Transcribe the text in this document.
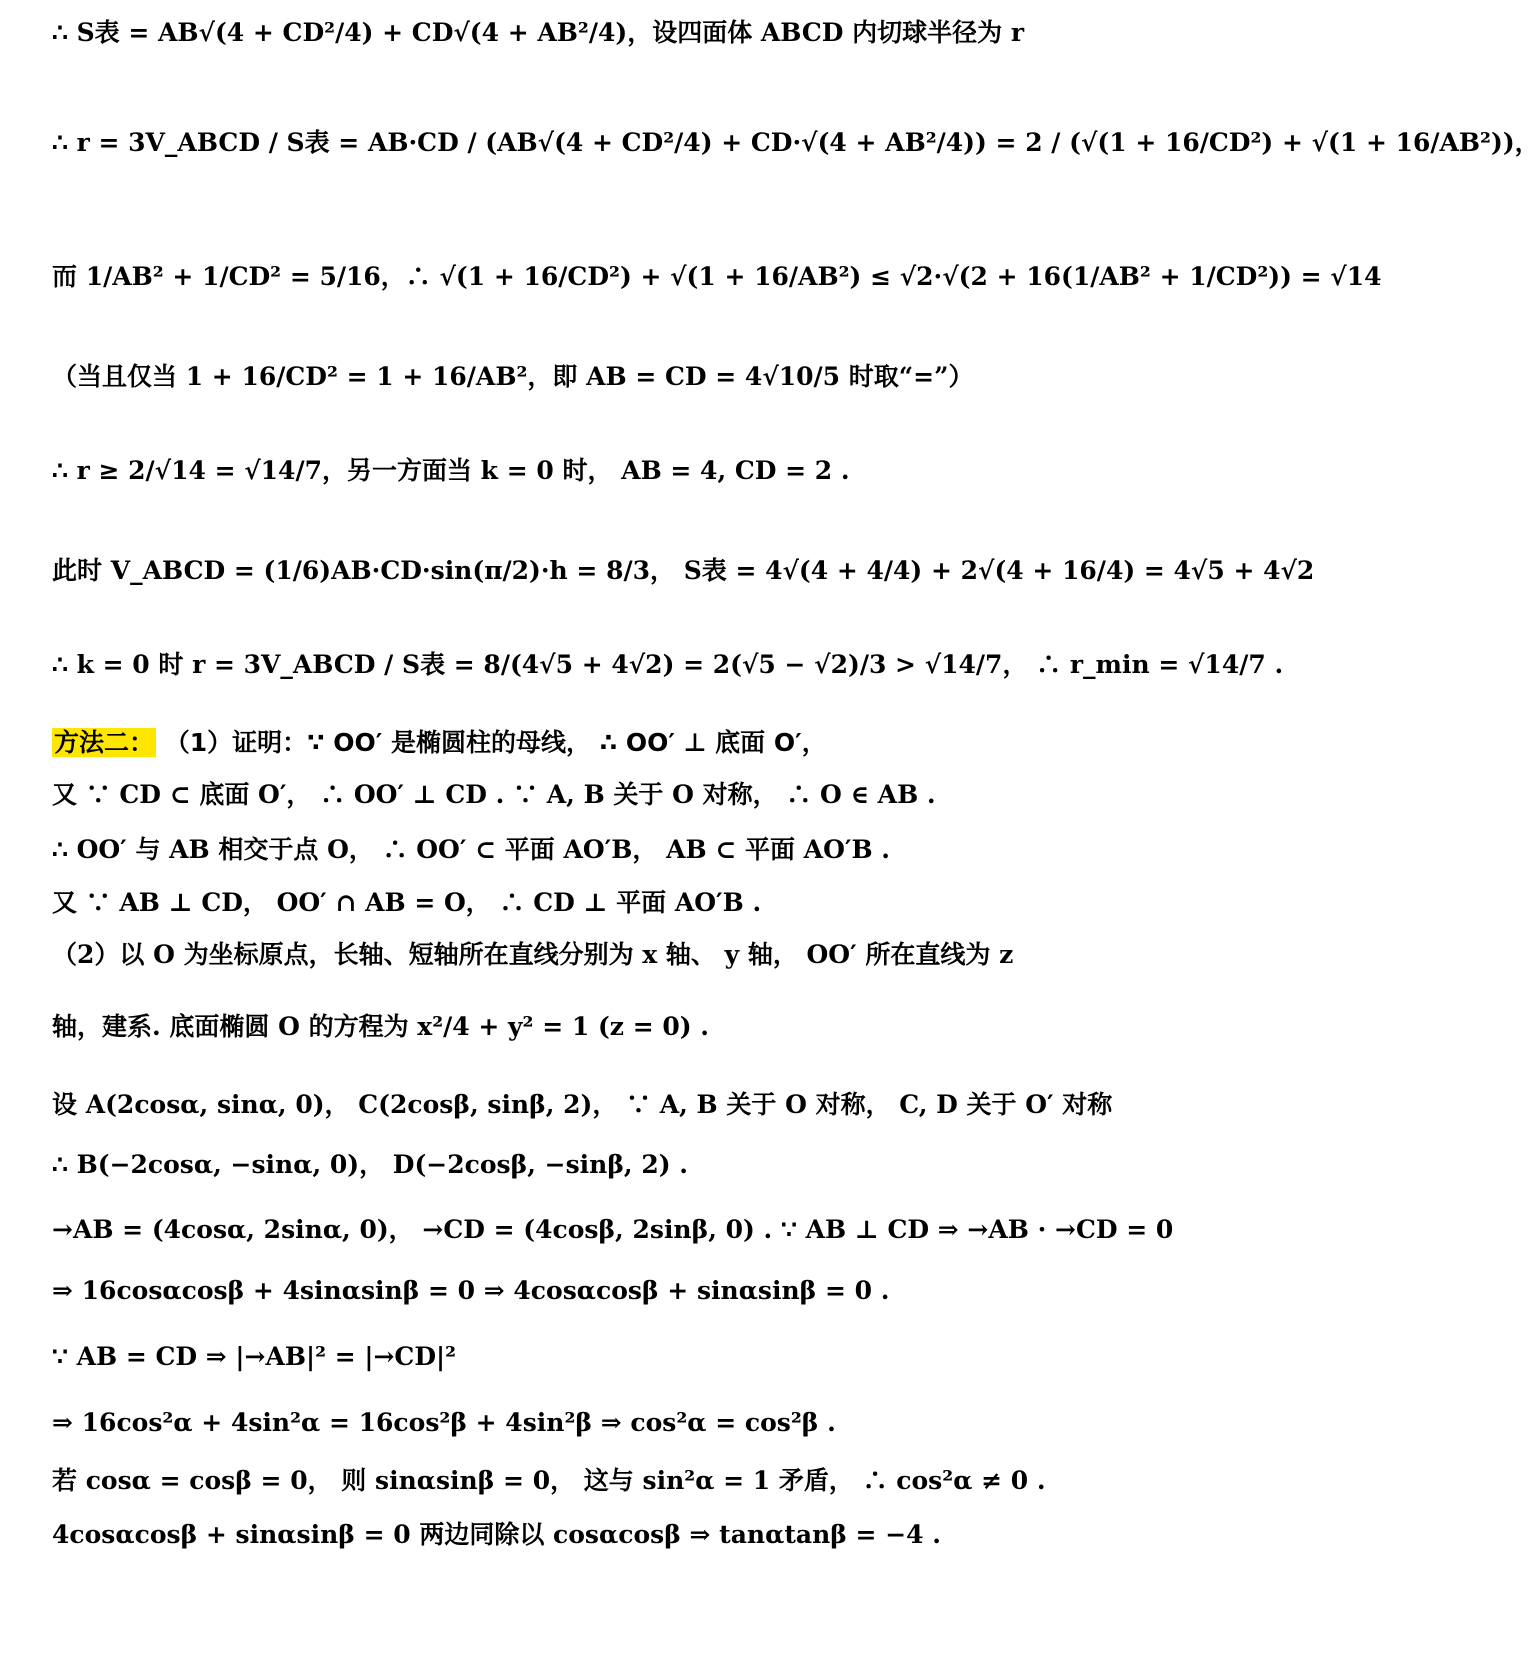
∴ S表 = AB√(4 + CD²/4) + CD√(4 + AB²/4)，设四面体 ABCD 内切球半径为 r
∴ r = 3V_ABCD / S表 = AB·CD / (AB√(4 + CD²/4) + CD·√(4 + AB²/4)) = 2 / (√(1 + 16/CD²) + √(1 + 16/AB²))，
而 1/AB² + 1/CD² = 5/16，∴ √(1 + 16/CD²) + √(1 + 16/AB²) ≤ √2·√(2 + 16(1/AB² + 1/CD²)) = √14
（当且仅当 1 + 16/CD² = 1 + 16/AB²，即 AB = CD = 4√10/5 时取“=”）
∴ r ≥ 2/√14 = √14/7，另一方面当 k = 0 时， AB = 4, CD = 2 .
此时 V_ABCD = (1/6)AB·CD·sin(π/2)·h = 8/3， S表 = 4√(4 + 4/4) + 2√(4 + 16/4) = 4√5 + 4√2
∴ k = 0 时 r = 3V_ABCD / S表 = 8/(4√5 + 4√2) = 2(√5 − √2)/3 > √14/7， ∴ r_min = √14/7 .
方法二： （1）证明：∵ OO′ 是椭圆柱的母线， ∴ OO′ ⊥ 底面 O′，
又 ∵ CD ⊂ 底面 O′， ∴ OO′ ⊥ CD . ∵ A, B 关于 O 对称， ∴ O ∈ AB .
∴ OO′ 与 AB 相交于点 O， ∴ OO′ ⊂ 平面 AO′B， AB ⊂ 平面 AO′B .
又 ∵ AB ⊥ CD， OO′ ∩ AB = O， ∴ CD ⊥ 平面 AO′B .
（2）以 O 为坐标原点，长轴、短轴所在直线分别为 x 轴、 y 轴， OO′ 所在直线为 z
轴，建系. 底面椭圆 O 的方程为 x²/4 + y² = 1 (z = 0) .
设 A(2cosα, sinα, 0)， C(2cosβ, sinβ, 2)， ∵ A, B 关于 O 对称， C, D 关于 O′ 对称
∴ B(−2cosα, −sinα, 0)， D(−2cosβ, −sinβ, 2) .
→AB = (4cosα, 2sinα, 0)， →CD = (4cosβ, 2sinβ, 0) . ∵ AB ⊥ CD ⇒ →AB · →CD = 0
⇒ 16cosαcosβ + 4sinαsinβ = 0 ⇒ 4cosαcosβ + sinαsinβ = 0 .
∵ AB = CD ⇒ |→AB|² = |→CD|²
⇒ 16cos²α + 4sin²α = 16cos²β + 4sin²β ⇒ cos²α = cos²β .
若 cosα = cosβ = 0， 则 sinαsinβ = 0， 这与 sin²α = 1 矛盾， ∴ cos²α ≠ 0 .
4cosαcosβ + sinαsinβ = 0 两边同除以 cosαcosβ ⇒ tanαtanβ = −4 .
